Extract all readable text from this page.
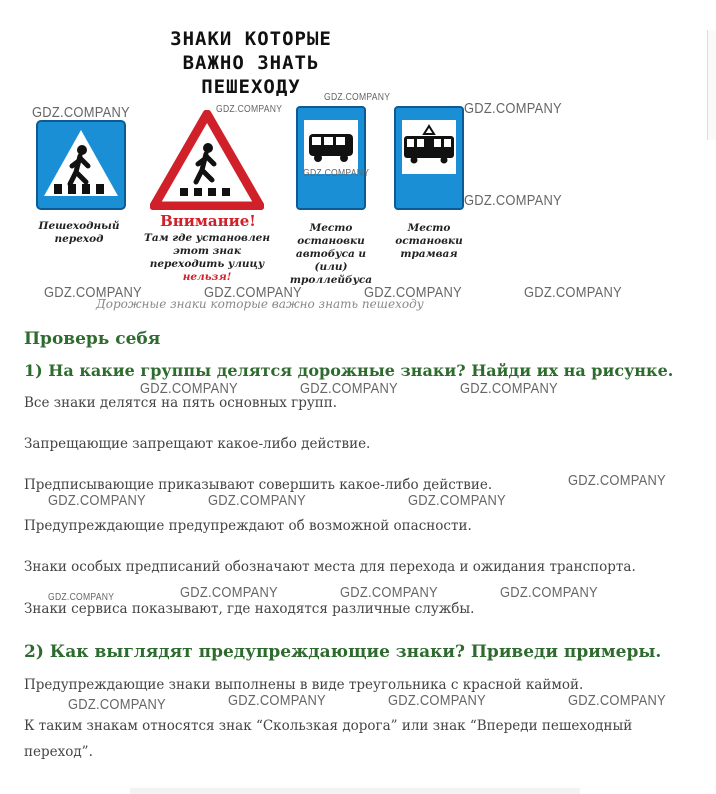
ЗНАКИ КОТОРЫЕ
ВАЖНО ЗНАТЬ
ПЕШЕХОДУ
Пешеходный
переход
Внимание!
Там где установлен
этот знак
переходить улицу
нельзя!
Место
остановки
автобуса и
(или)
троллейбуса
Место
остановки
трамвая
Дорожные знаки которые важно знать пешеходу
Проверь себя
1) На какие группы делятся дорожные знаки? Найди их на рисунке.

Все знаки делятся на пять основных групп.

Запрещающие запрещают какое-либо действие.

Предписывающие приказывают совершить какое-либо действие.

Предупреждающие предупреждают об возможной опасности.

Знаки особых предписаний обозначают места для перехода и ожидания транспорта.

Знаки сервиса показывают, где находятся различные службы.

2) Как выглядят предупреждающие знаки? Приведи примеры.

Предупреждающие знаки выполнены в виде треугольника с красной каймой.

К таким знакам относятся знак “Скользкая дорога” или знак “Впереди пешеходный

переход”.

GDZ.COMPANY	GDZ.COMPANY
GDZ.COMPANY
GDZ.COMPANY
GDZ.COMPANY
GDZ.COMPANY
GDZ.COMPANY	GDZ.COMPANY	GDZ.COMPANY	GDZ.COMPANY
GDZ.COMPANY	GDZ.COMPANY	GDZ.COMPANY
GDZ.COMPANY
GDZ.COMPANY	GDZ.COMPANY	GDZ.COMPANY
GDZ.COMPANY	GDZ.COMPANY	GDZ.COMPANY	GDZ.COMPANY
GDZ.COMPANY	GDZ.COMPANY	GDZ.COMPANY	GDZ.COMPANY
